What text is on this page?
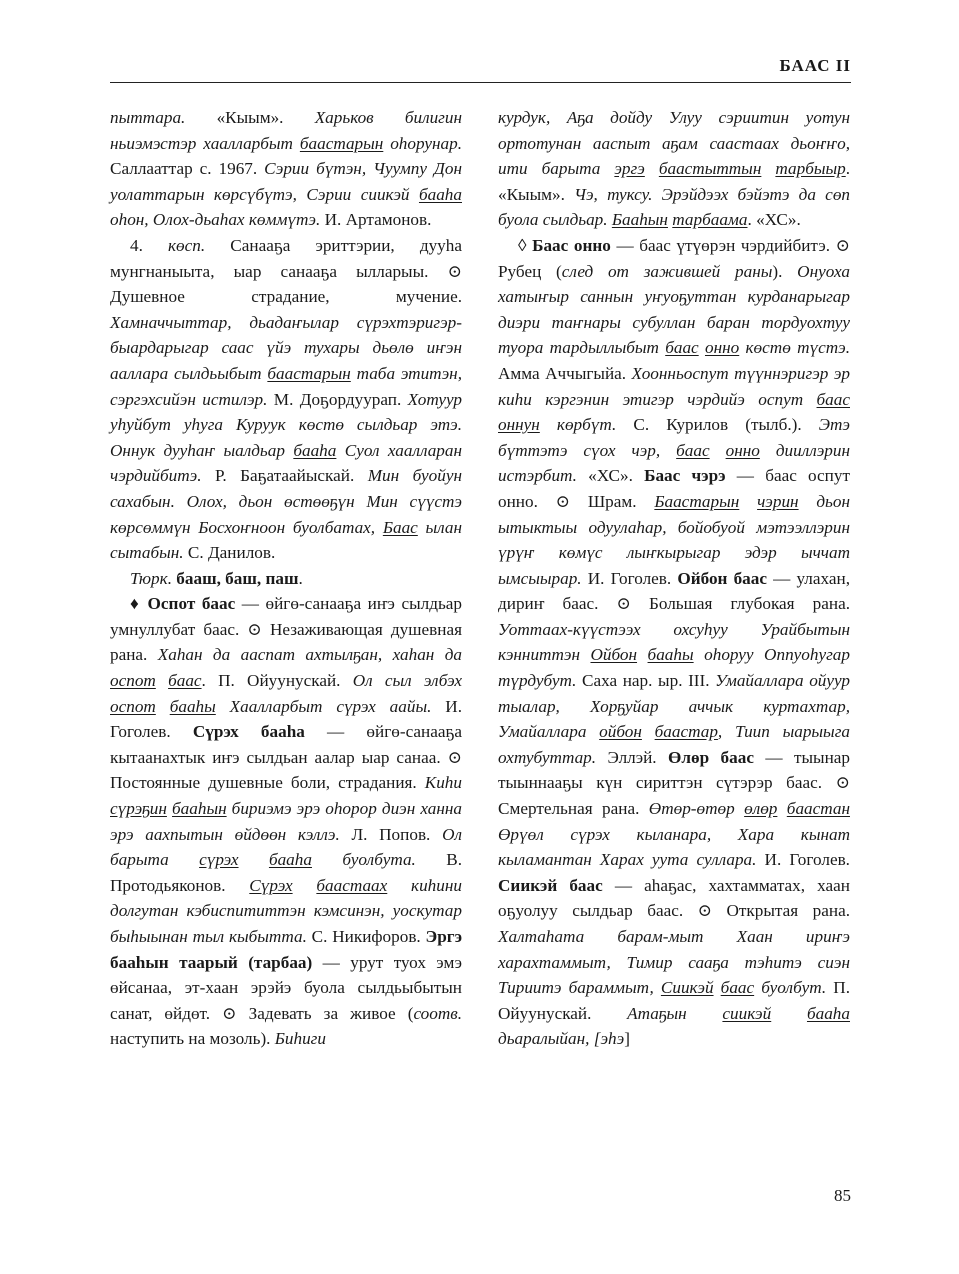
БААС II

пыттара. «Кыым». Харьков билигин ньиэмэстэр хаалларбыт бaастарын оhорунар. Саллааттар с. 1967. Сэрии бүтэн, Чуумпу Дон уолаттарын көрсүбүтэ, Сэрии сиикэй бааhа оhон, Олох-дьаhах көммүтэ. И. Артамонов.

4. көсп. Санааҕа эриттэрии, дууhа мунгнаныыта, ыар санааҕа ыллaрыы. ⊙ Душевное страдание, мучение. Хамначчыттар, дьадаҥылар сүрэхтэригэр-быардарыгар саас үйэ тухары дьөлө иҥэн ааллара сылдьыбыт баастарын таба этитэн, сэргэхсийэн истилэр. М. Доҕордуурап. Хотуур уhуйбут уhуга Куруук көстө сылдьар этэ. Оннук дууhаҥ ыалдьар бааhа Суол хаалларан чэрдийбитэ. Р. Баҕатаайыскай. Мин буойун сахабын. Олох, дьон өстөөҕүн Мин сүүстэ көрсөммүн Босхоҥноон буолбатах, Баас ылан сытабын. С. Данилов.

Тюрк. бааш, баш, паш.

♦ Оспот баас — өйгө-санааҕа иҥэ сылдьар умнуллубат баас. ⊙ Незаживающая душевная рана. Хаhан да ааспат ахтылҕан, хаhан да оспот баас. П. Ойуунускай. Ол сыл элбэх оспот бааhы Хаалларбыт сүрэх аайы. И. Гоголев. Сүрэх бааhа — өйгө-санааҕа кытаанахтык иҥэ сылдьан аалар ыар санаа. ⊙ Постоянные душевные боли, страдания. Киhи сүрэҕин бааhын бириэмэ эрэ оhорор диэн ханна эрэ аахпытын өйдөөн кэллэ. Л. Попов. Ол барыта сүрэх бааhа буолбута. В. Протодьяконов. Сүрэх баастаах киhини долгутан кэбиспититтэн кэмсинэн, уоскутар быhыынан тыл кыбытта. С. Никифоров. Эргэ бааhын таарый (тарбаа) — урут туох эмэ өйсанаа, эт-хаан эрэйэ буола сылдьыбытын санат, өйдөт. ⊙ Задевать за живое (соотв. наступить на мозоль). Биhиги

курдук, Аҕа дойду Улуу сэриитин уотун ортотунан ааспыт аҕам саастаах дьоҥҥо, ити барыта эргэ баастыттын тарбыыр. «Кыым». Чэ, туксу. Эрэйдээх бэйэтэ да сөп буола сылдьар. Бааhын тарбаама. «ХС».

◊ Баас онно — баас үтүөрэн чэрдийбитэ. ⊙ Рубец (след от зажившей раны). Онуоха хатыҥыр саннын уҥуоҕуттан курданарыгар диэри таҥнары субуллан баран тордуохтуу туора тардыллыбыт баас онно көстө түстэ. Амма Аччыгыйа. Хоонньоспут түүннэригэр эр киhи кэргэнин этигэр чэрдийэ оспут баас оннун көрбүт. С. Курилов (тылб.). Этэ бүттэтэ сүох чэр, баас онно дииллэрин истэрбит. «ХС». Баас чэрэ — баас оспут онно. ⊙ Шрам. Баастарын чэрин дьон ытыктыы одуулаhар, бойобуой мэтээллэрин үрүҥ көмүс лыҥкырыгар эдэр ыччат ымсыырар. И. Гоголев. Ойбон баас — улахан, дириҥ баас. ⊙ Большая глубокая рана. Уоттаах-күүстээх охсуhуу Урайбытын кэнниттэн Ойбон бааhы оhоруу Оппуоhугар түрдубут. Саха нар. ыр. III. Умайаллара ойуур тыалар, Хорҕуйар аччык куртахтар, Умайаллара ойбон баастар, Тиип ыарыыга охтубуттар. Эллэй. Өлөр баас — тыынар тыыннааҕы күн сириттэн сүтэрэр баас. ⊙ Смертельная рана. Өтөр-өтөр өлөр баастан Өрүөл сүрэх кыланара, Хара кынат кыламантан Харах уута суллара. И. Гоголев. Сиикэй баас — аhаҕас, хахтамматах, хаан оҕуолуу сылдьар баас. ⊙ Открытая рана. Халтаhата барам-мыт Хаан ириҥэ харахтаммыт, Тимир сааҕа тэhитэ сиэн Тириитэ бараммыт, Сиикэй баас буолбут. П. Ойуунускай. Атаҕын сиикэй бааhа дьаралыйан, [эhэ]

85
